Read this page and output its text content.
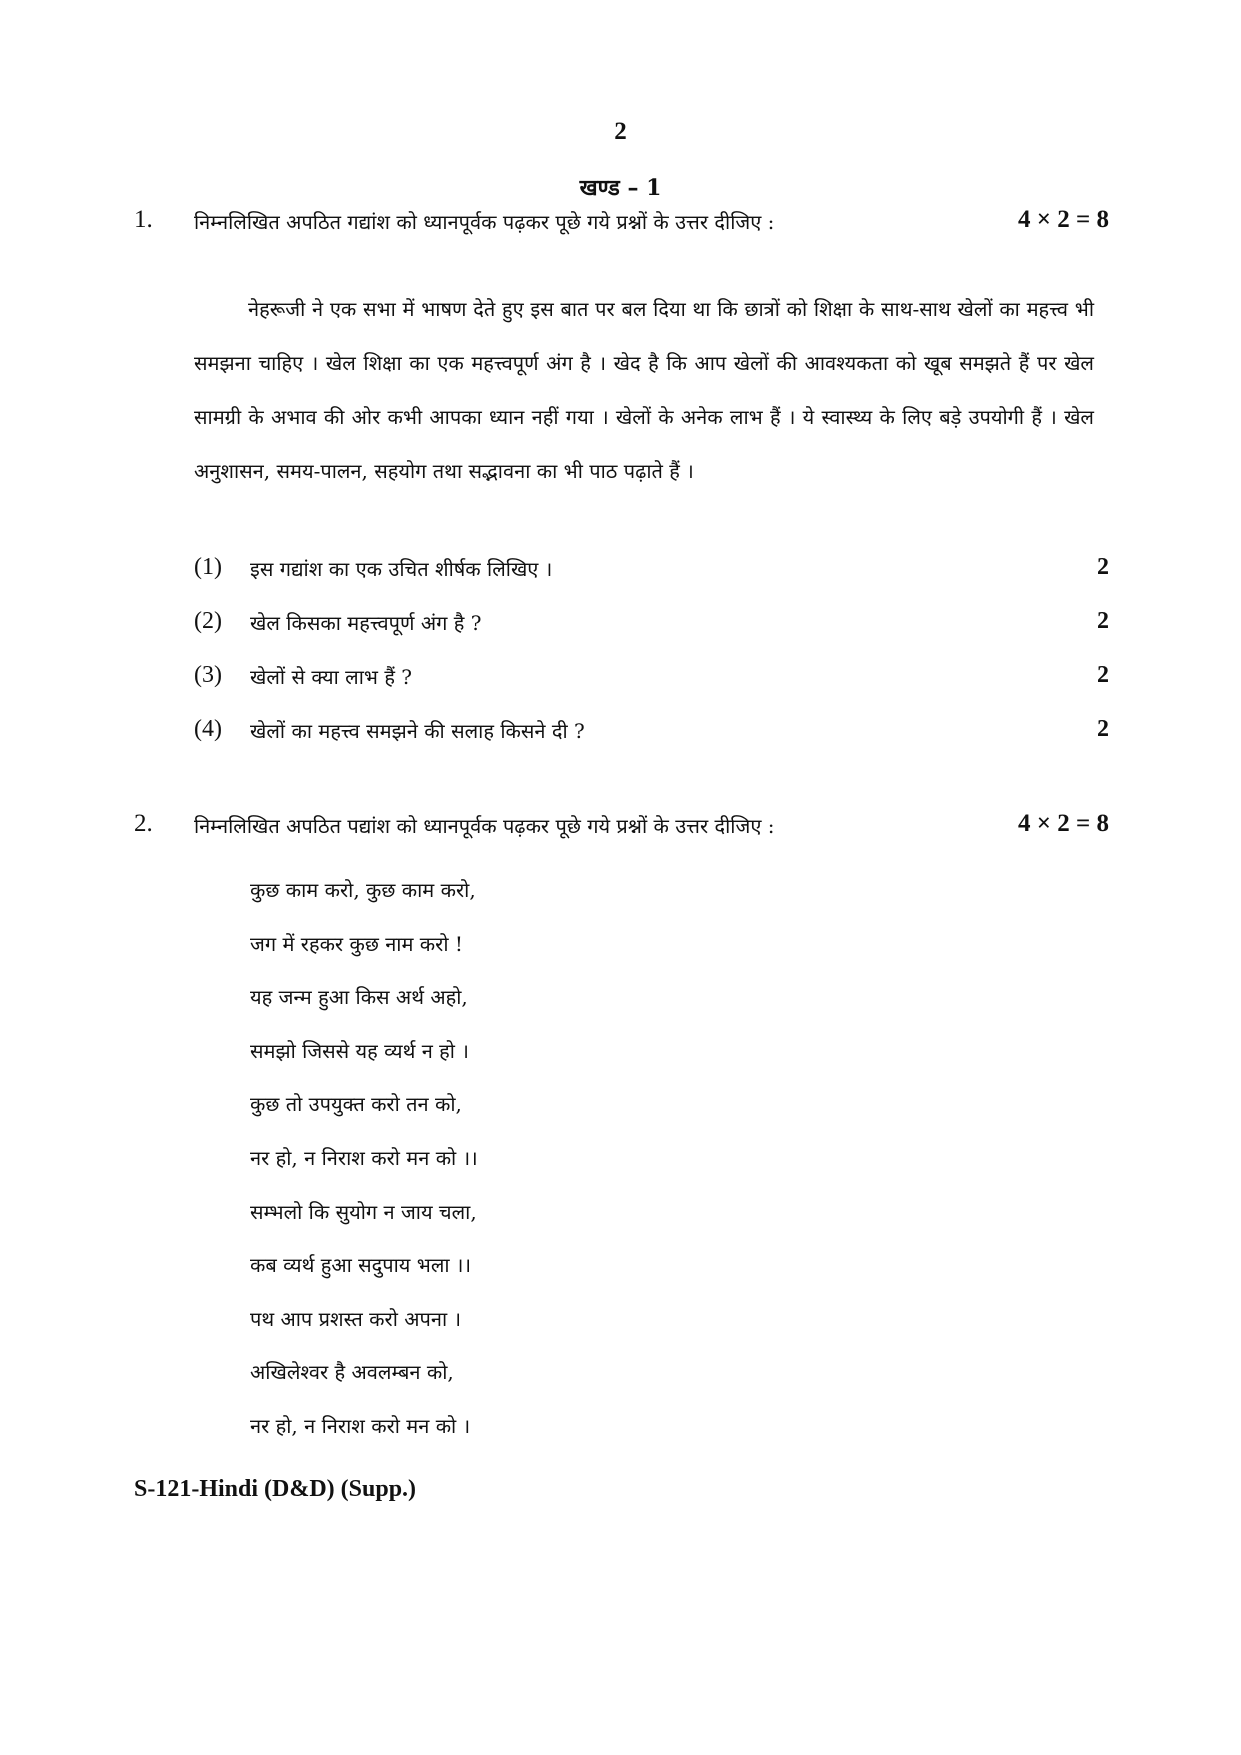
2
खण्ड – 1
1. निम्नलिखित अपठित गद्यांश को ध्यानपूर्वक पढ़कर पूछे गये प्रश्नों के उत्तर दीजिए :	4 × 2 = 8
नेहरूजी ने एक सभा में भाषण देते हुए इस बात पर बल दिया था कि छात्रों को शिक्षा के साथ-साथ खेलों का महत्त्व भी समझना चाहिए । खेल शिक्षा का एक महत्त्वपूर्ण अंग है । खेद है कि आप खेलों की आवश्यकता को खूब समझते हैं पर खेल सामग्री के अभाव की ओर कभी आपका ध्यान नहीं गया । खेलों के अनेक लाभ हैं । ये स्वास्थ्य के लिए बड़े उपयोगी हैं । खेल अनुशासन, समय-पालन, सहयोग तथा सद्भावना का भी पाठ पढ़ाते हैं ।
(1) इस गद्यांश का एक उचित शीर्षक लिखिए ।	2
(2) खेल किसका महत्त्वपूर्ण अंग है ?	2
(3) खेलों से क्या लाभ हैं ?	2
(4) खेलों का महत्त्व समझने की सलाह किसने दी ?	2
2. निम्नलिखित अपठित पद्यांश को ध्यानपूर्वक पढ़कर पूछे गये प्रश्नों के उत्तर दीजिए :	4 × 2 = 8
कुछ काम करो, कुछ काम करो,
जग में रहकर कुछ नाम करो !
यह जन्म हुआ किस अर्थ अहो,
समझो जिससे यह व्यर्थ न हो ।
कुछ तो उपयुक्त करो तन को,
नर हो, न निराश करो मन को ।।
सम्भलो कि सुयोग न जाय चला,
कब व्यर्थ हुआ सदुपाय भला ।।
पथ आप प्रशस्त करो अपना ।
अखिलेश्वर है अवलम्बन को,
नर हो, न निराश करो मन को ।
S-121-Hindi (D&D) (Supp.)
